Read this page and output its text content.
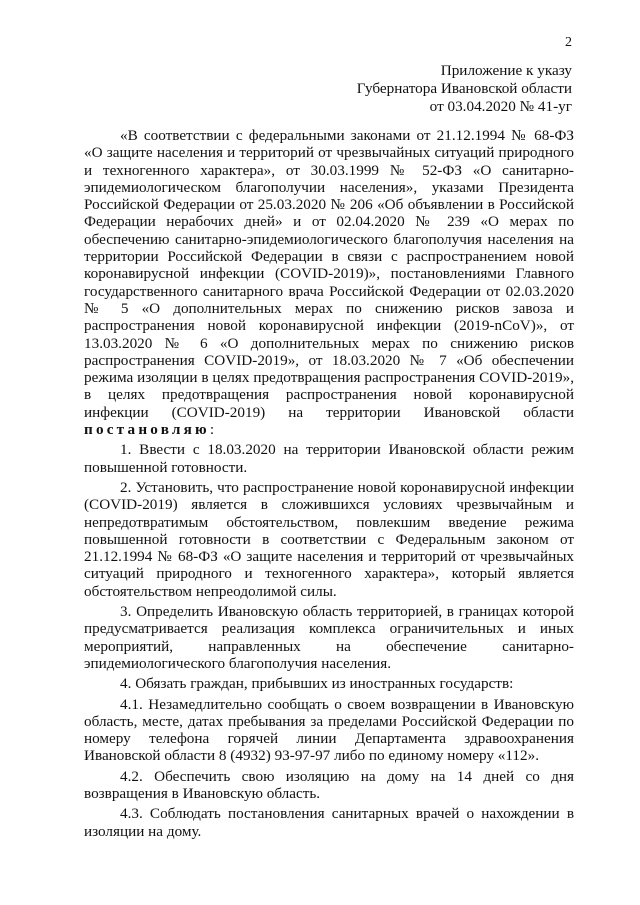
2
Приложение к указу
Губернатора Ивановской области
от 03.04.2020 № 41-уг

«В соответствии с федеральными законами от 21.12.1994 № 68-ФЗ «О защите населения и территорий от чрезвычайных ситуаций природного и техногенного характера», от 30.03.1999 № 52-ФЗ «О санитарно-эпидемиологическом благополучии населения», указами Президента Российской Федерации от 25.03.2020 № 206 «Об объявлении в Российской Федерации нерабочих дней» и от 02.04.2020 № 239 «О мерах по обеспечению санитарно-эпидемиологического благополучия населения на территории Российской Федерации в связи с распространением новой коронавирусной инфекции (COVID-2019)», постановлениями Главного государственного санитарного врача Российской Федерации от 02.03.2020 № 5 «О дополнительных мерах по снижению рисков завоза и распространения новой коронавирусной инфекции (2019-nCoV)», от 13.03.2020 № 6 «О дополнительных мерах по снижению рисков распространения COVID-2019», от 18.03.2020 № 7 «Об обеспечении режима изоляции в целях предотвращения распространения COVID-2019», в целях предотвращения распространения новой коронавирусной инфекции (COVID-2019) на территории Ивановской области постановляю:

1. Ввести с 18.03.2020 на территории Ивановской области режим повышенной готовности.

2. Установить, что распространение новой коронавирусной инфекции (COVID-2019) является в сложившихся условиях чрезвычайным и непредотвратимым обстоятельством, повлекшим введение режима повышенной готовности в соответствии с Федеральным законом от 21.12.1994 № 68-ФЗ «О защите населения и территорий от чрезвычайных ситуаций природного и техногенного характера», который является обстоятельством непреодолимой силы.

3. Определить Ивановскую область территорией, в границах которой предусматривается реализация комплекса ограничительных и иных мероприятий, направленных на обеспечение санитарно-эпидемиологического благополучия населения.

4. Обязать граждан, прибывших из иностранных государств:

4.1. Незамедлительно сообщать о своем возвращении в Ивановскую область, месте, датах пребывания за пределами Российской Федерации по номеру телефона горячей линии Департамента здравоохранения Ивановской области 8 (4932) 93-97-97 либо по единому номеру «112».

4.2. Обеспечить свою изоляцию на дому на 14 дней со дня возвращения в Ивановскую область.

4.3. Соблюдать постановления санитарных врачей о нахождении в изоляции на дому.
